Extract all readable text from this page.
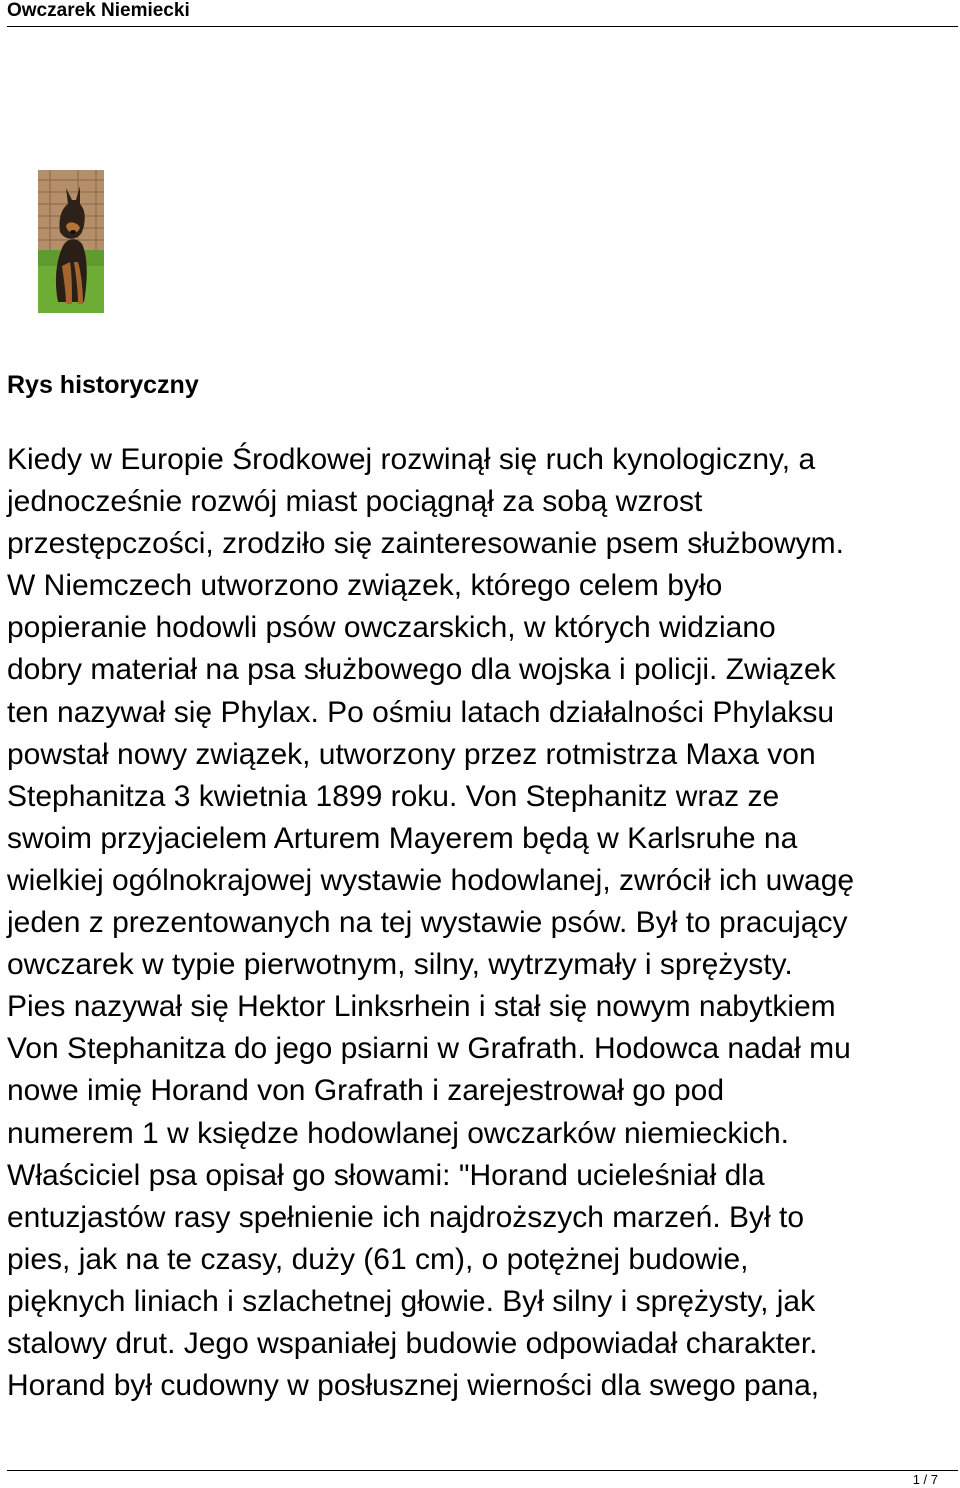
Owczarek Niemiecki
Rys historyczny
Kiedy w Europie Środkowej rozwinął się ruch kynologiczny, a
jednocześnie rozwój miast pociągnął za sobą wzrost
przestępczości, zrodziło się zainteresowanie psem służbowym.
W Niemczech utworzono związek, którego celem było
popieranie hodowli psów owczarskich, w których widziano
dobry materiał na psa służbowego dla wojska i policji. Związek
ten nazywał się Phylax. Po ośmiu latach działalności Phylaksu
powstał nowy związek, utworzony przez rotmistrza Maxa von
Stephanitza 3 kwietnia 1899 roku. Von Stephanitz wraz ze
swoim przyjacielem Arturem Mayerem będą w Karlsruhe na
wielkiej ogólnokrajowej wystawie hodowlanej, zwrócił ich uwagę
jeden z prezentowanych na tej wystawie psów. Był to pracujący
owczarek w typie pierwotnym, silny, wytrzymały i sprężysty.
Pies nazywał się Hektor Linksrhein i stał się nowym nabytkiem
Von Stephanitza do jego psiarni w Grafrath. Hodowca nadał mu
nowe imię Horand von Grafrath i zarejestrował go pod
numerem 1 w księdze hodowlanej owczarków niemieckich.
Właściciel psa opisał go słowami: "Horand ucieleśniał dla
entuzjastów rasy spełnienie ich najdroższych marzeń. Był to
pies, jak na te czasy, duży (61 cm), o potężnej budowie,
pięknych liniach i szlachetnej głowie. Był silny i sprężysty, jak
stalowy drut. Jego wspaniałej budowie odpowiadał charakter.
Horand był cudowny w posłusznej wierności dla swego pana,
1 / 7
